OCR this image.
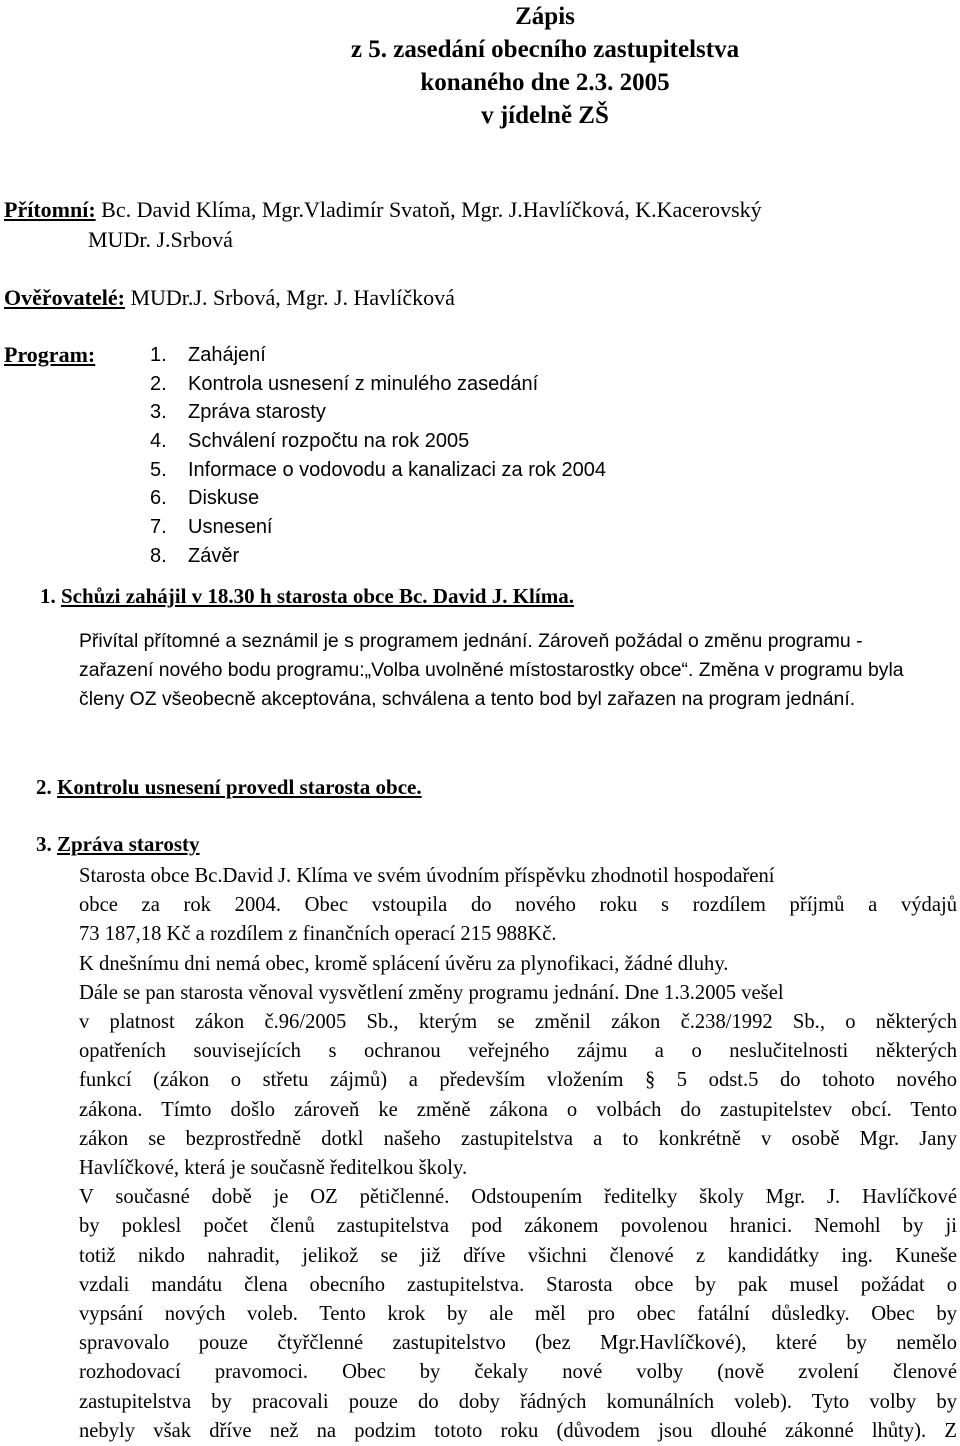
Zápis
z 5. zasedání obecního zastupitelstva
konaného dne 2.3. 2005
v jídelně ZŠ
Přítomní: Bc. David Klíma, Mgr.Vladimír Svatoň, Mgr. J.Havlíčková, K.Kacerovský
MUDr. J.Srbová
Ověřovatelé: MUDr.J. Srbová, Mgr. J. Havlíčková
Program:	1. Zahájení
2. Kontrola usnesení z minulého zasedání
3. Zpráva starosty
4. Schválení rozpočtu na rok 2005
5. Informace o vodovodu a kanalizaci za rok 2004
6. Diskuse
7. Usnesení
8. Závěr
1. Schůzi zahájil v 18.30 h starosta obce Bc. David J. Klíma.
Přivítal přítomné a seznámil je s programem jednání. Zároveň požádal o změnu programu - zařazení nového bodu programu:„Volba uvolněné místostarostky obce“. Změna v programu byla členy OZ všeobecně akceptována, schválena a tento bod byl zařazen na program jednání.
2. Kontrolu usnesení provedl starosta obce.
3. Zpráva starosty
Starosta obce Bc.David J. Klíma ve svém úvodním příspěvku zhodnotil hospodaření
obce za rok 2004. Obec vstoupila do nového roku s rozdílem příjmů a výdajů
73 187,18 Kč a rozdílem z finančních operací 215 988Kč.
K dnešnímu dni nemá obec, kromě splácení úvěru za plynofikaci, žádné dluhy.
Dále se pan starosta věnoval vysvětlení změny programu jednání. Dne 1.3.2005 vešel
v platnost zákon č.96/2005 Sb., kterým se změnil zákon č.238/1992 Sb., o některých
opatřeních souvisejících s ochranou veřejného zájmu a o neslučitelnosti některých
funkcí (zákon o střetu zájmů) a především vložením § 5 odst.5 do tohoto nového
zákona. Tímto došlo zároveň ke změně zákona o volbách do zastupitelstev obcí. Tento
zákon se bezprostředně dotkl našeho zastupitelstva a to konkrétně v osobě Mgr. Jany
Havlíčkové, která je současně ředitelkou školy.
V současné době je OZ pětičlenné. Odstoupením ředitelky školy Mgr. J. Havlíčkové
by poklesl počet členů zastupitelstva pod zákonem povolenou hranici. Nemohl by ji
totiž nikdo nahradit, jelikož se již dříve všichni členové z kandidátky ing. Kuneše
vzdali mandátu člena obecního zastupitelstva. Starosta obce by pak musel požádat o
vypsání nových voleb. Tento krok by ale měl pro obec fatální důsledky. Obec by
spravovalo pouze čtyřčlenné zastupitelstvo (bez Mgr.Havlíčkové), které by nemělo
rozhodovací pravomoci. Obec by čekaly nové volby (nově zvolení členové
zastupitelstva by pracovali pouze do doby řádných komunálních voleb). Tyto volby by
nebyly však dříve než na podzim tototo roku (důvodem jsou dlouhé zákonné lhůty). Z
